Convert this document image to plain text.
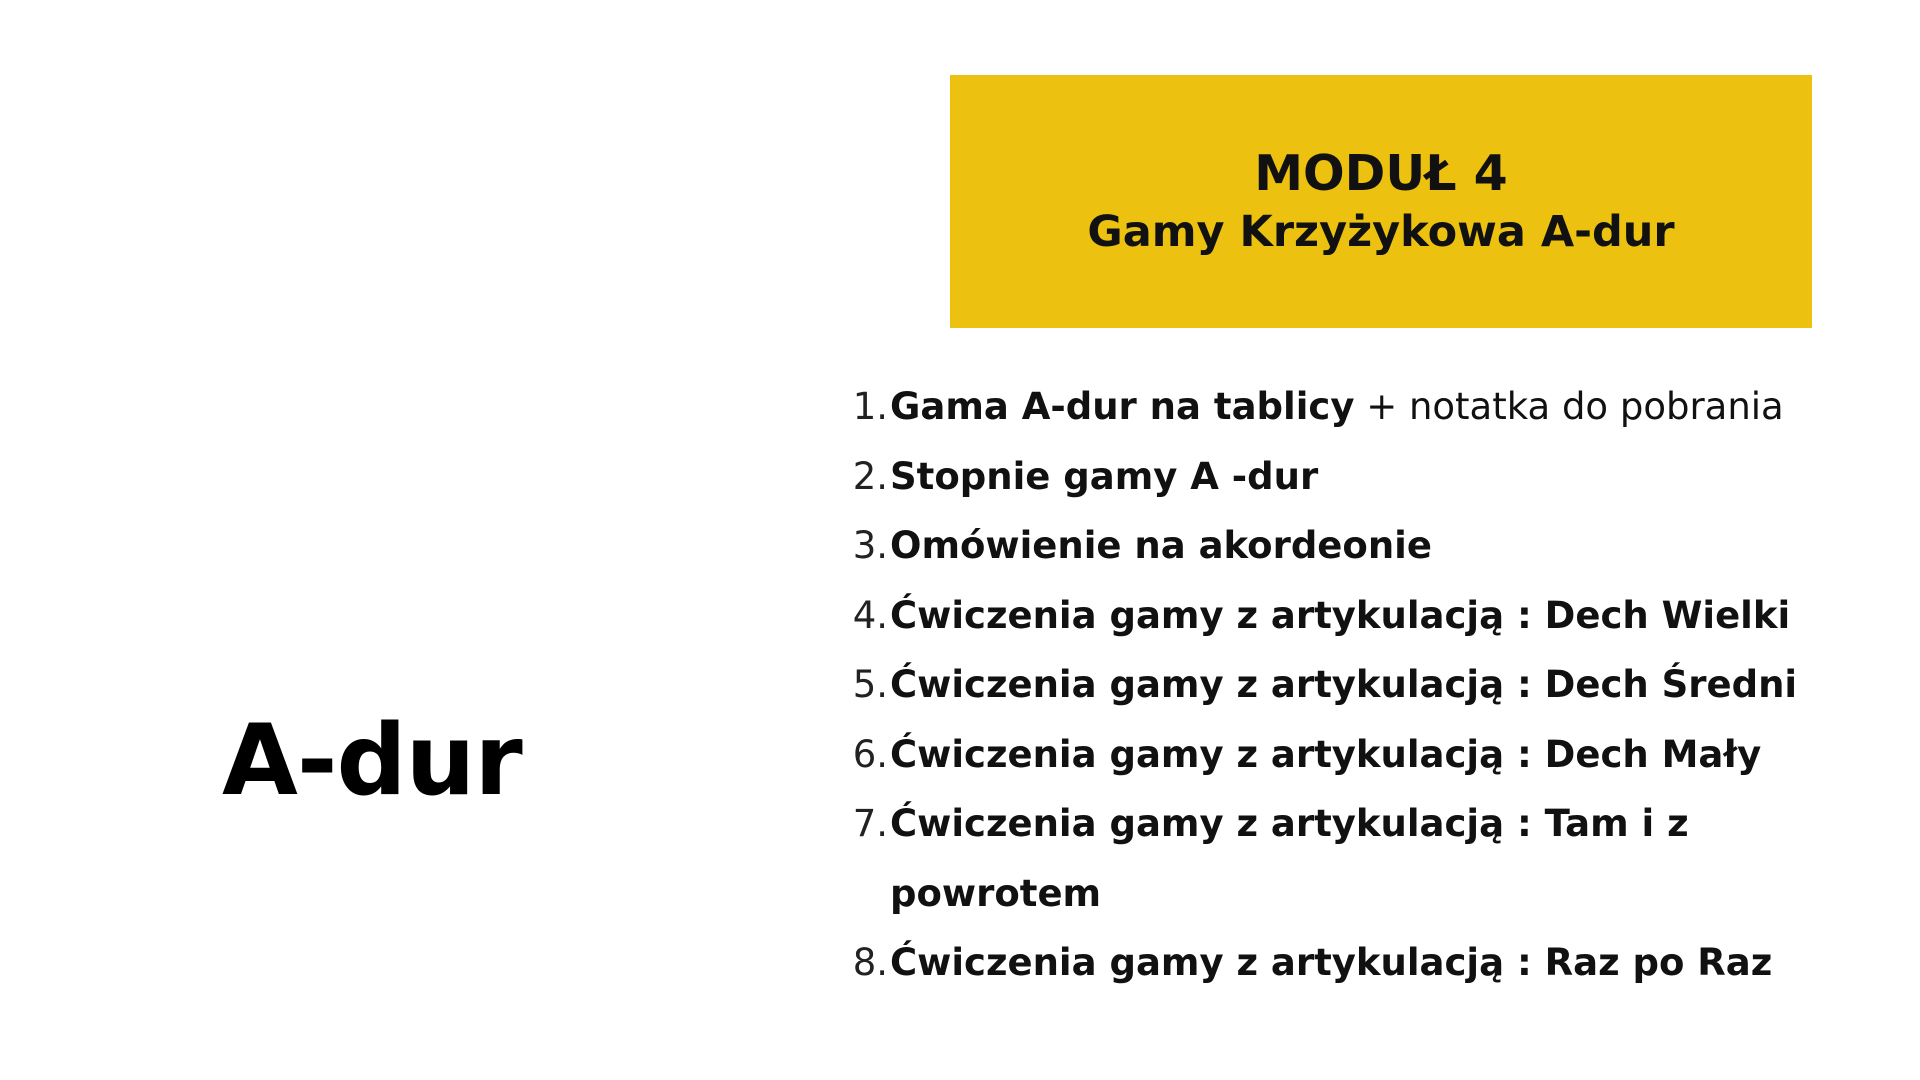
A-dur
MODUŁ 4
Gamy Krzyżykowa A-dur
1. Gama A-dur na tablicy + notatka do pobrania
2. Stopnie gamy A -dur
3. Omówienie na akordeonie
4. Ćwiczenia gamy z artykulacją : Dech Wielki
5. Ćwiczenia gamy z artykulacją : Dech Średni
6. Ćwiczenia gamy z artykulacją : Dech Mały
7. Ćwiczenia gamy z artykulacją : Tam i z powrotem
8. Ćwiczenia gamy z artykulacją : Raz po Raz
